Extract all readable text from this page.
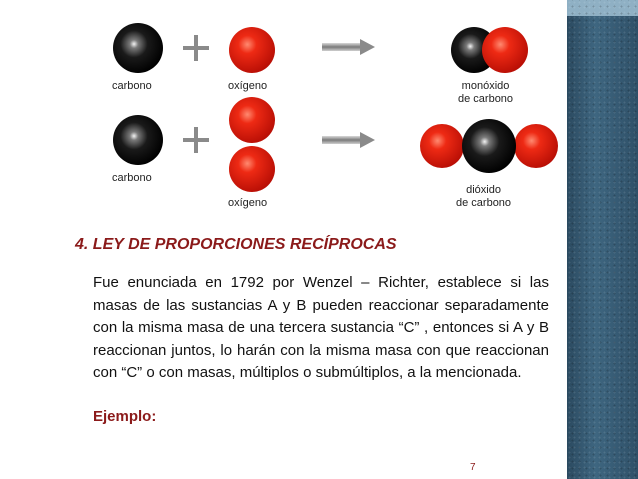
carbono	oxígeno	monóxido
de carbono
carbono
oxígeno
dióxido
de carbono
4. LEY DE PROPORCIONES RECÍPROCAS

Fue enunciada en 1792 por Wenzel – Richter, establece si las masas de las sustancias A y B pueden reaccionar separadamente con la misma masa de una tercera sustancia “C” , entonces si A y B reaccionan juntos, lo harán con la misma masa con que reaccionan con “C” o con masas, múltiplos o submúltiplos, a la mencionada.

Ejemplo:

7
